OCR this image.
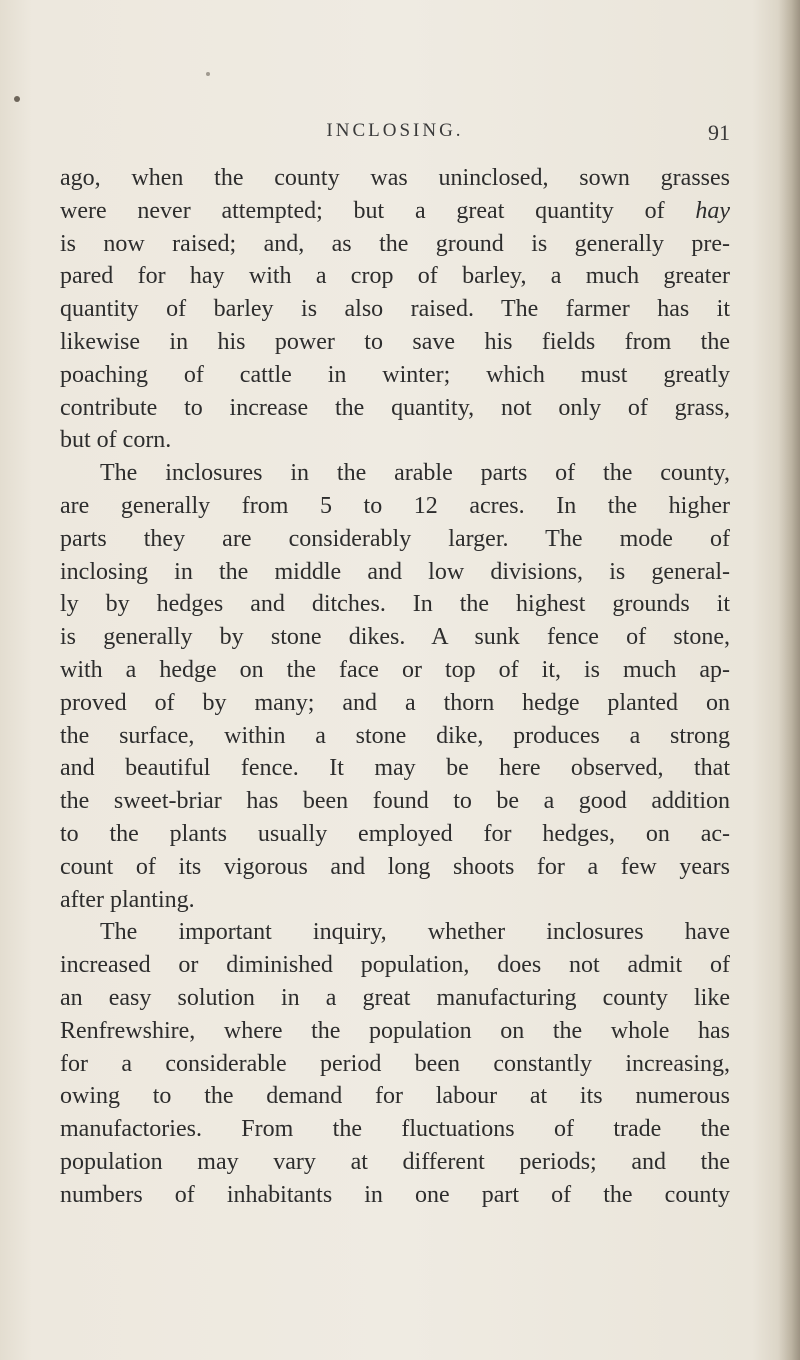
INCLOSING.	91
ago, when the county was uninclosed, sown grasses
were never attempted; but a great quantity of hay
is now raised; and, as the ground is generally pre-
pared for hay with a crop of barley, a much greater
quantity of barley is also raised. The farmer has it
likewise in his power to save his fields from the
poaching of cattle in winter; which must greatly
contribute to increase the quantity, not only of grass,
but of corn.
The inclosures in the arable parts of the county,
are generally from 5 to 12 acres. In the higher
parts they are considerably larger. The mode of
inclosing in the middle and low divisions, is general-
ly by hedges and ditches. In the highest grounds it
is generally by stone dikes. A sunk fence of stone,
with a hedge on the face or top of it, is much ap-
proved of by many; and a thorn hedge planted on
the surface, within a stone dike, produces a strong
and beautiful fence. It may be here observed, that
the sweet-briar has been found to be a good addition
to the plants usually employed for hedges, on ac-
count of its vigorous and long shoots for a few years
after planting.
The important inquiry, whether inclosures have
increased or diminished population, does not admit of
an easy solution in a great manufacturing county like
Renfrewshire, where the population on the whole has
for a considerable period been constantly increasing,
owing to the demand for labour at its numerous
manufactories. From the fluctuations of trade the
population may vary at different periods; and the
numbers of inhabitants in one part of the county
